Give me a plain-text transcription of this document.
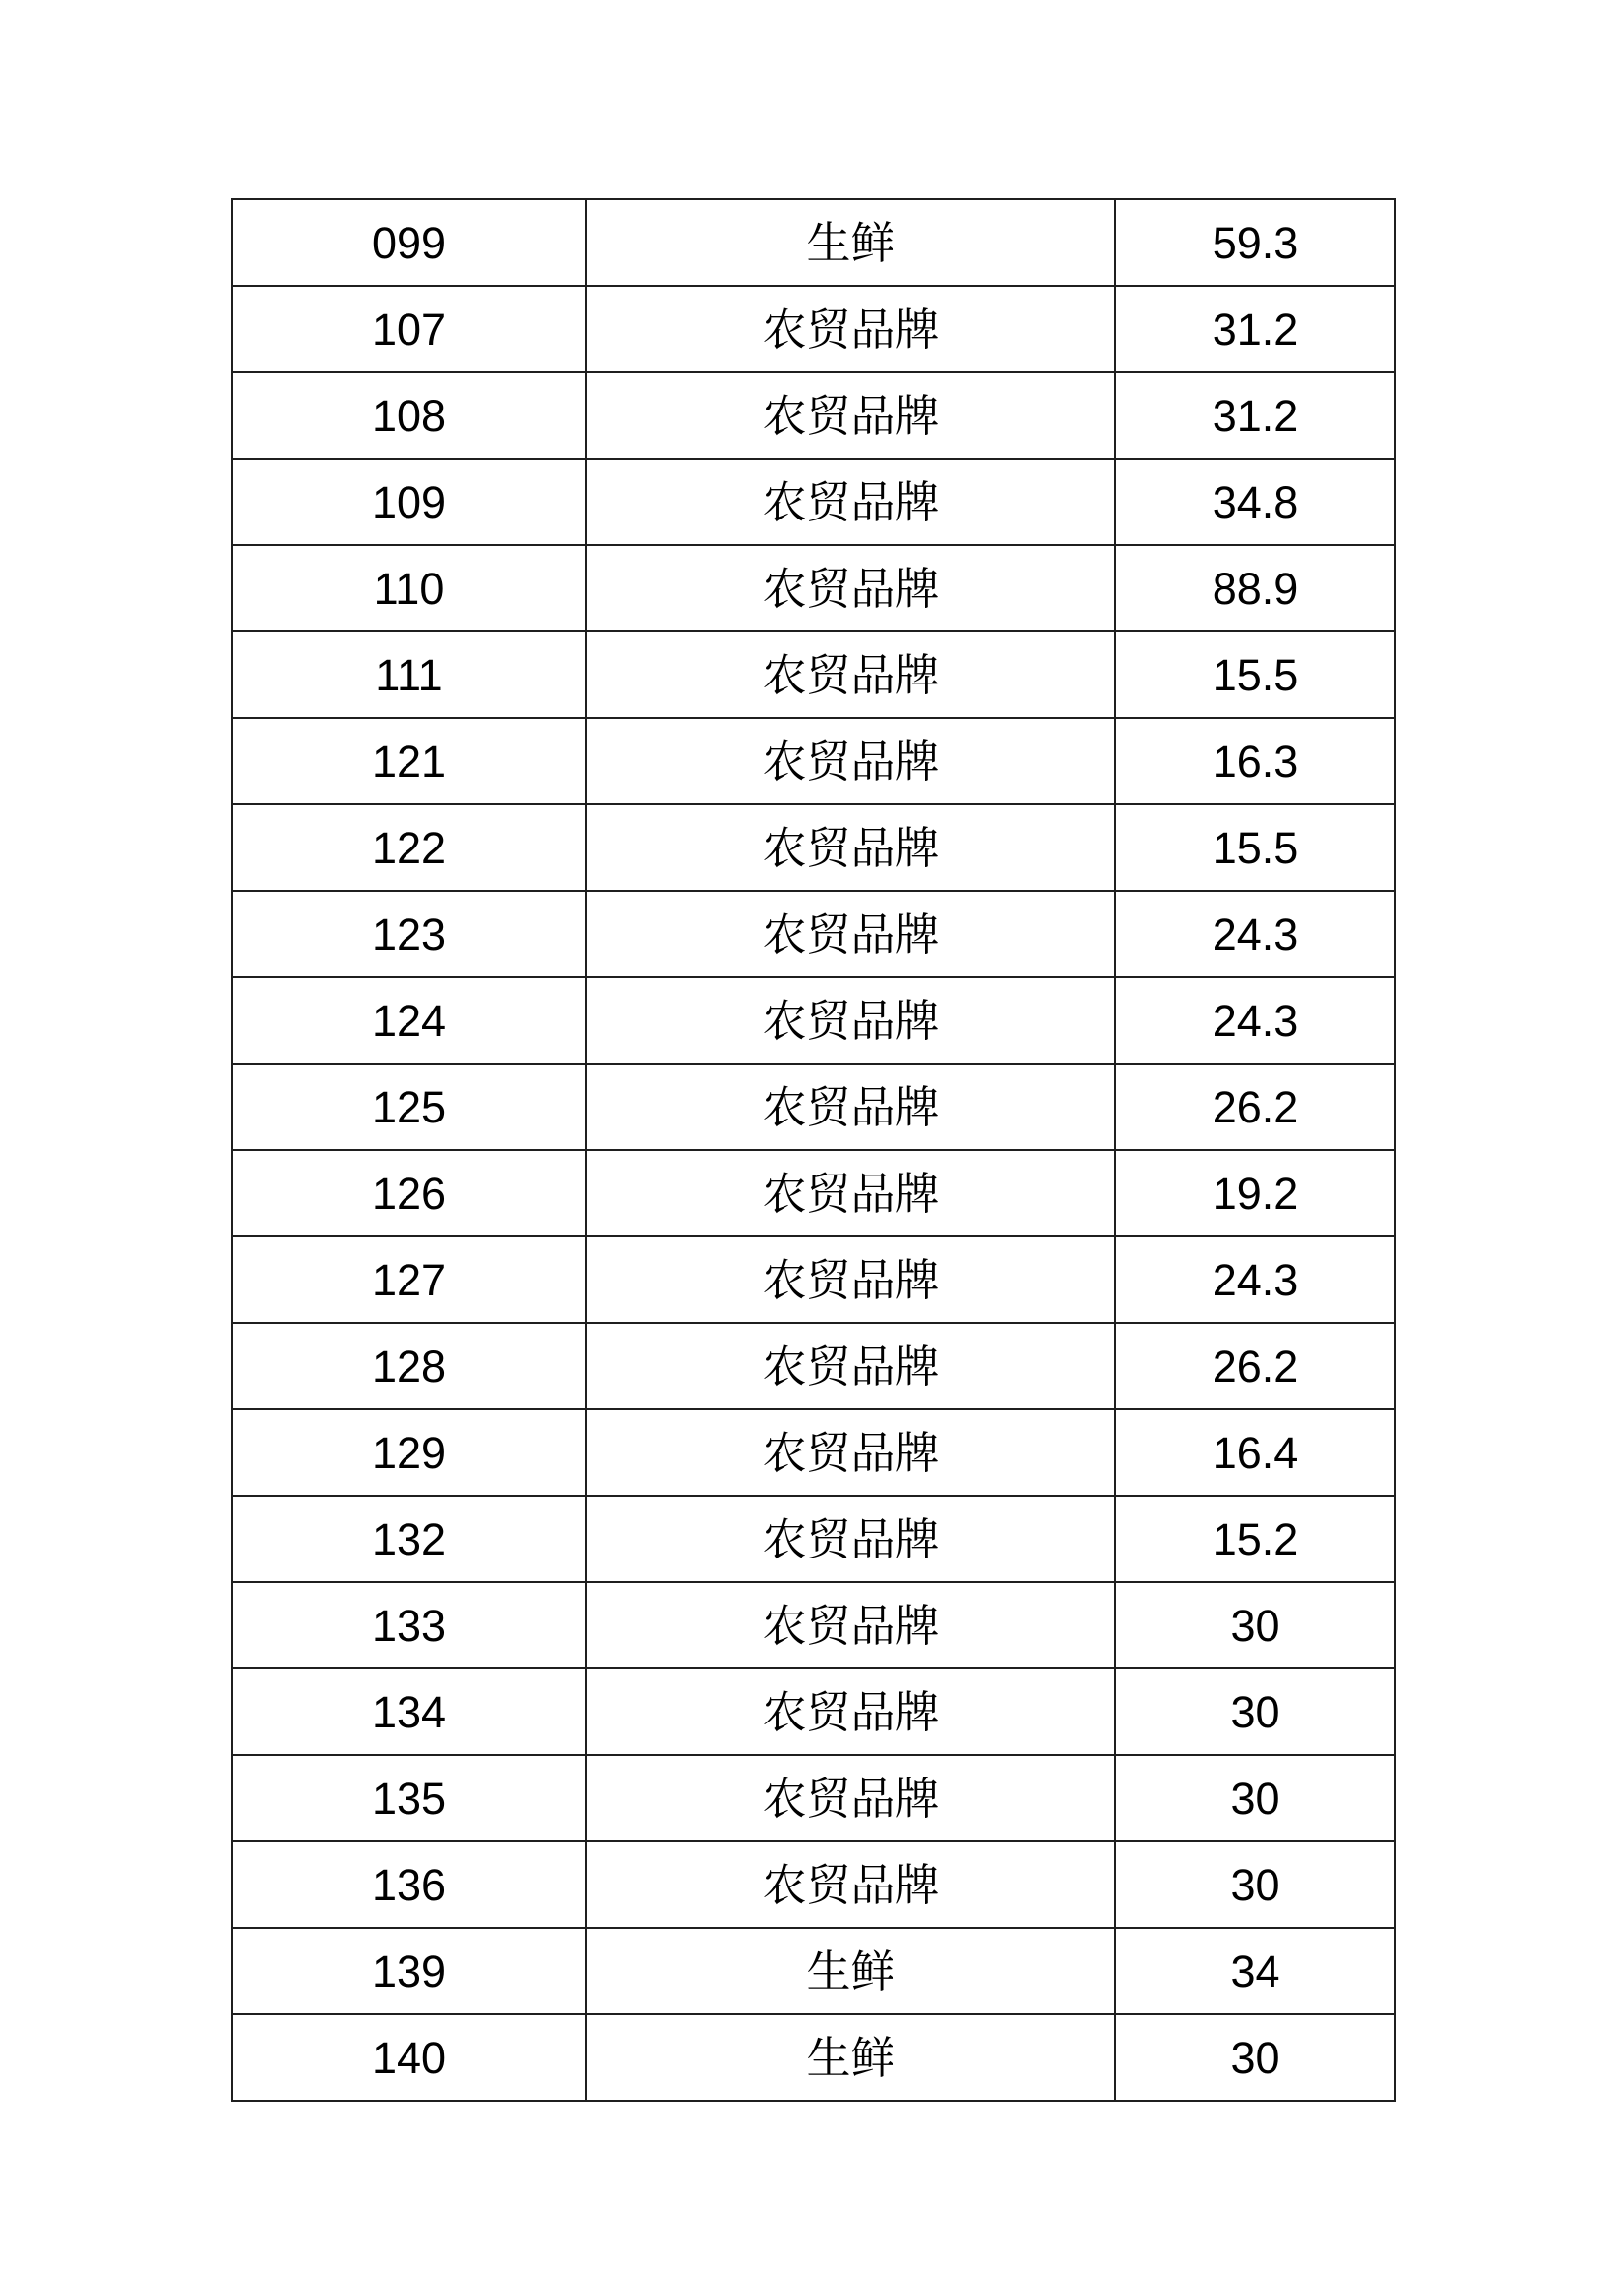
099	生鲜	59.3
107	农贸品牌	31.2
108	农贸品牌	31.2
109	农贸品牌	34.8
110	农贸品牌	88.9
111	农贸品牌	15.5
121	农贸品牌	16.3
122	农贸品牌	15.5
123	农贸品牌	24.3
124	农贸品牌	24.3
125	农贸品牌	26.2
126	农贸品牌	19.2
127	农贸品牌	24.3
128	农贸品牌	26.2
129	农贸品牌	16.4
132	农贸品牌	15.2
133	农贸品牌	30
134	农贸品牌	30
135	农贸品牌	30
136	农贸品牌	30
139	生鲜	34
140	生鲜	30
